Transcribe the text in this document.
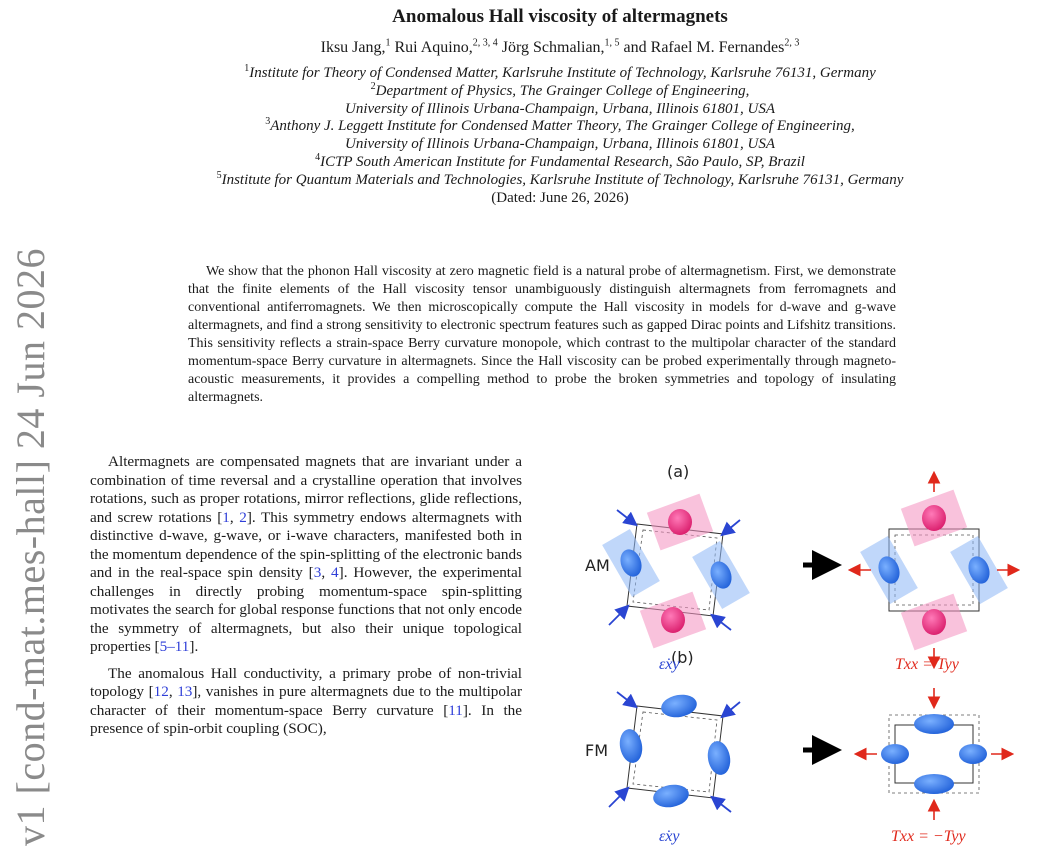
v1 [cond-mat.mes-hall] 24 Jun 2026
Anomalous Hall viscosity of altermagnets
Iksu Jang,$^1$ Rui Aquino,$^{2, 3, 4}$ Jörg Schmalian,$^{1, 5}$ and Rafael M. Fernandes$^{2, 3}$
$^1$Institute for Theory of Condensed Matter, Karlsruhe Institute of Technology, Karlsruhe 76131, Germany
$^2$Department of Physics, The Grainger College of Engineering,
University of Illinois Urbana-Champaign, Urbana, Illinois 61801, USA
$^3$Anthony J. Leggett Institute for Condensed Matter Theory, The Grainger College of Engineering,
University of Illinois Urbana-Champaign, Urbana, Illinois 61801, USA
$^4$ICTP South American Institute for Fundamental Research, São Paulo, SP, Brazil
$^5$Institute for Quantum Materials and Technologies, Karlsruhe Institute of Technology, Karlsruhe 76131, Germany
(Dated: June 26, 2026)
We show that the phonon Hall viscosity at zero magnetic field is a natural probe of altermagnetism. First, we demonstrate that the finite elements of the Hall viscosity tensor unambiguously distinguish altermagnets from ferromagnets and conventional antiferromagnets. We then microscopically compute the Hall viscosity in models for d-wave and g-wave altermagnets, and find a strong sensitivity to electronic spectrum features such as gapped Dirac points and Lifshitz transitions. This sensitivity reflects a strain-space Berry curvature monopole, which contrast to the multipolar character of the standard momentum-space Berry curvature in altermagnets. Since the Hall viscosity can be probed experimentally through magneto-acoustic measurements, it provides a compelling method to probe the broken symmetries and topology of insulating altermagnets.

Altermagnets are compensated magnets that are invariant under a combination of time reversal and a crystalline operation that involves rotations, such as proper rotations, mirror reflections, glide reflections, and screw rotations [1, 2]. This symmetry endows altermagnets with distinctive d-wave, g-wave, or i-wave characters, manifested both in the momentum dependence of the spin-splitting of the electronic bands and in the real-space spin density [3, 4]. However, the experimental challenges in directly probing momentum-space spin-splitting motivates the search for global response functions that not only encode the symmetry of altermagnets, but also their unique topological properties [5–11].

The anomalous Hall conductivity, a primary probe of non-trivial topology [12, 13], vanishes in pure altermagnets due to the multipolar character of their momentum-space Berry curvature [11]. In the presence of spin-orbit coupling (SOC),

(a)
(b)
AM
FM
ε̇xy	Txx = Tyy
ε̇xy	Txx = −Tyy
